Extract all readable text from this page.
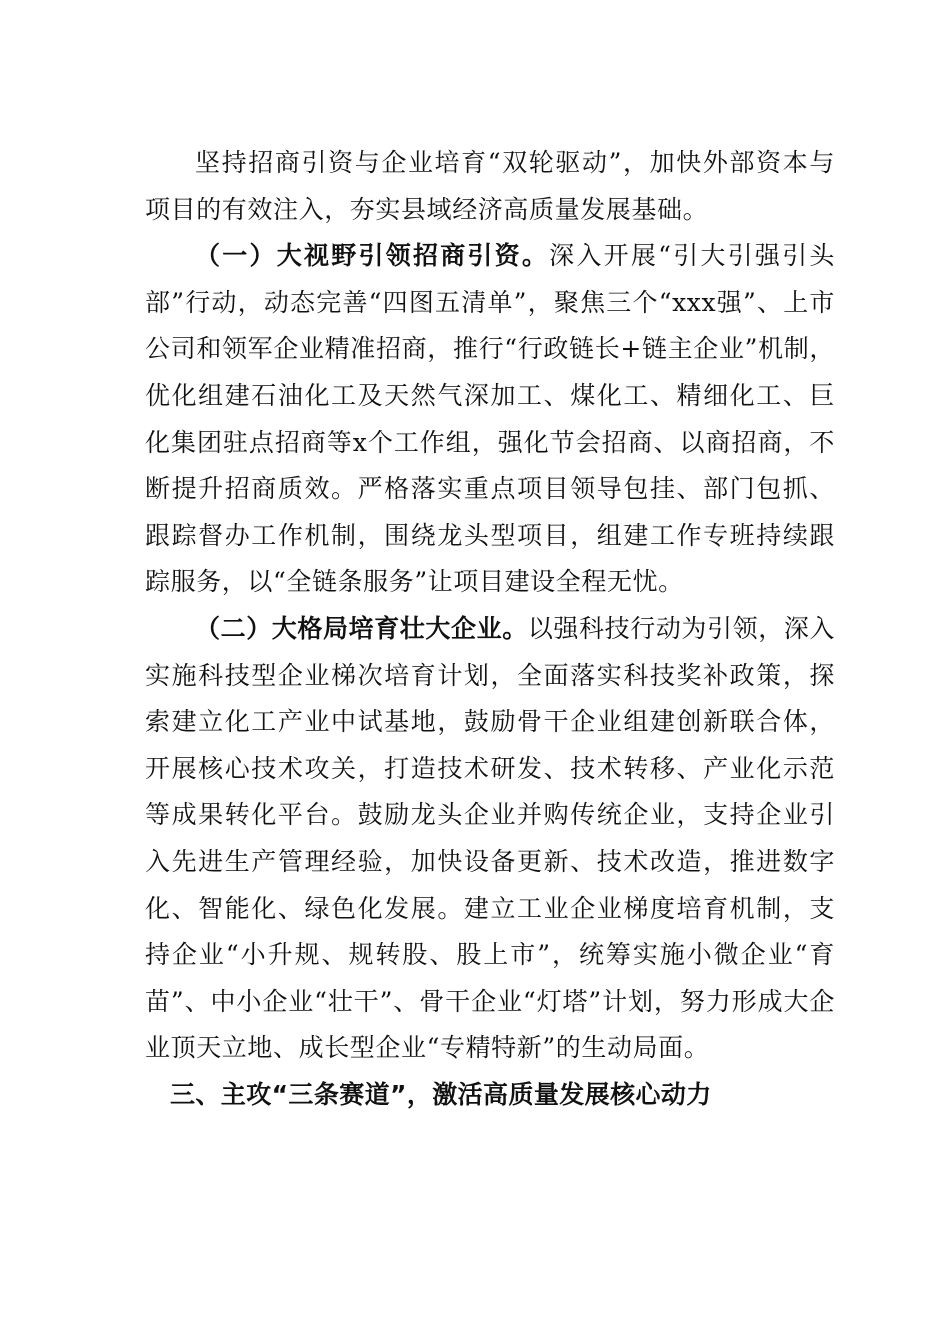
坚持招商引资与企业培育“双轮驱动”，加快外部资本与项目的有效注入，夯实县域经济高质量发展基础。

（一）大视野引领招商引资。深入开展“引大引强引头部”行动，动态完善“四图五清单”，聚焦三个“xxx强”、上市公司和领军企业精准招商，推行“行政链长+链主企业”机制，优化组建石油化工及天然气深加工、煤化工、精细化工、巨化集团驻点招商等x个工作组，强化节会招商、以商招商，不断提升招商质效。严格落实重点项目领导包挂、部门包抓、跟踪督办工作机制，围绕龙头型项目，组建工作专班持续跟踪服务，以“全链条服务”让项目建设全程无忧。

（二）大格局培育壮大企业。以强科技行动为引领，深入实施科技型企业梯次培育计划，全面落实科技奖补政策，探索建立化工产业中试基地，鼓励骨干企业组建创新联合体，开展核心技术攻关，打造技术研发、技术转移、产业化示范等成果转化平台。鼓励龙头企业并购传统企业，支持企业引入先进生产管理经验，加快设备更新、技术改造，推进数字化、智能化、绿色化发展。建立工业企业梯度培育机制，支持企业“小升规、规转股、股上市”，统筹实施小微企业“育苗”、中小企业“壮干”、骨干企业“灯塔”计划，努力形成大企业顶天立地、成长型企业“专精特新”的生动局面。

三、主攻“三条赛道”，激活高质量发展核心动力
